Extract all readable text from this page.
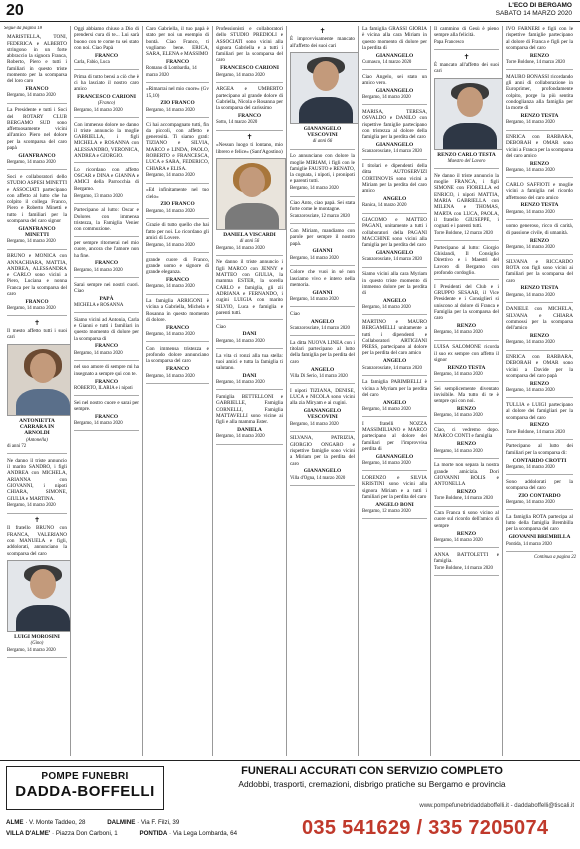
20	L'ECO DI BERGAMO
SABATO 14 MARZO 2020
Segue da pagina 18

MARISTELLA, TONI, FEDERICA e ALBERTO stringono in un forte abbraccio la signora Franca, Roberto, Piero e tutti i familiari in questo triste momento per la scomparsa del loro caro

FRANCO
Bergamo, 14 marzo 2020

La Presidente e tutti i Soci del ROTARY CLUB BERGAMO SUD sono affettuosamente vicini all'amico Piero nel dolore per la scomparsa del caro papà

GIANFRANCO
Bergamo, 14 marzo 2020

Soci e collaboratori dello STUDIO ASPESI MINETTI e ASSOCIATI partecipano con affetto al lutto che ha colpito il collega Franco, Piero e Roberto Minetti e tutto i familiari per la scomparsa del caro signor

GIANFRANCO MINETTI
Bergamo, 14 marzo 2020

BRUNO e MONICA con ANNACHIARA, MATTIA, ANDREA, ALESSANDRA e CARLO sono vicini a Piero, Luciana e nonna Franca per la scomparsa del caro

FRANCO
Bergamo, 14 marzo 2020
✝

Il mesto affetto tutti i suoi cari

ANTONIETTA CARRARA IN ARNOLDI
(Antonella)
di anni 72

Ne danno il triste annuncio il marito SANDRO, i figli ANDREA con MICHELA, ARIANNA con GIOVANNI, i nipoti CHIARA, SIMONE, GIULIA e MARTINA.

Bergamo, 14 marzo 2020
✝

Il fratello BRUNO con FRANCA, VALERIANO con MANUELA e figli, addolorati, annunciano la scomparsa del caro

LUIGI MOROSINI
(Gino)
Bergamo, 14 marzo 2020

Oggi abbiamo chiuso a Dio di prendersi cura di te... Lui sarà buono con te come tu sei stato con noi. Ciao Papà

FRANCO
Carla, Fabio, Luca

Prima di tutto bensì a ciò che è ci ha lasciato il nostro caro amico

FRANCESCO CARIONI
(Franco)
Bergamo, 14 marzo 2020

Con immenso dolore ne danno il triste annuncio la moglie GABRIELLA, i figli MICHELA e ROSANNA con ALESSANDRO, VERONICA, ANDREA e GIORGIO.

Lo ricordano con affetto OSCAR e DINA e GIANNA e AMICI della Parrocchia di Bergamo.

Bergamo, 13 marzo 2020

Partecipano al lutto: Oscar e Dolores con immensa tristezza, la Famiglia Venier con commozione.

per sempre ritornerai nel mio cuore, ancora che l'amore non ha fine.

FRANCO
Bergamo, 14 marzo 2020

Sarai sempre nei nostri cuori. Ciao

PAPÀ
MICHELA e ROSANNA

Siamo vicini ad Antonia, Carla e Gianni e tutti i familiari in questo momento di dolore per la scomparsa di

FRANCO
Bergamo, 14 marzo 2020

nel suo amore di sempre mi ha insegnato a sempre qui con te.

FRANCO
ROBERTO, ILARIA e i nipoti

Sei nel nostro cuore e sarai per sempre.

FRANCO
Bergamo, 14 marzo 2020

Caro Gabriella, il tuo papà è stato per noi un esempio di bontà. Ciao Franco, ti vogliamo bene. ERICA, SARA, ELENA e MASSIMO

FRANCO
Romano di Lombardia, 14 marzo 2020

«Rimarrai nel mio cuore» (Gv 15,10)

ZIO FRANCO
Bergamo, 14 marzo 2020

Ci hai accompagnato tutti, fin da piccoli, con affetto e generosità. Ti siamo grati: TIZIANO e SILVIA, MARCO e LINDA, PAOLO, ROBERTO e FRANCESCA, LUCA e SARA, FEDERICO, CHIARA e ELISA.

Bergamo, 14 marzo 2020

«Ed infinitamente nel tuo cielo»

ZIO FRANCO
Bergamo, 14 marzo 2020

Grazie di tutto quello che hai fatto per noi. Lo ricordano gli amici di Lovere.

Bergamo, 14 marzo 2020

grande cuore di Franco, grande uomo e signore di grande eleganza.

FRANCO
Bergamo, 14 marzo 2020

La famiglia ARRIGONI è vicina a Gabriella, Michela e Rosanna in questo momento di dolore.

FRANCO
Bergamo, 14 marzo 2020

Con immensa tristezza e profondo dolore annunciano la scomparsa del caro

FRANCO
Bergamo, 14 marzo 2020

Professionisti e collaboratori dello STUDIO PREDIOLI e ASSOCIATI sono vicini alla signora Gabriella e a tutti i familiari per la scomparsa del caro

FRANCESCO CARIONI
Bergamo, 14 marzo 2020

ARGEA e UMBERTO partecipano al grande dolore di Gabriella, Nicola e Rosanna per la scomparsa del carissimo

FRANCO
Sotto, 14 marzo 2020
✝

«Nessun luogo ti lontano, mio librero e felice» (Sant'Agostino)

DANIELA VISCARDI
di anni 56
Bergamo, 14 marzo 2020

Ne danno il triste annuncio i figli MARCO con JENNY e MATTEO con GIULIA, la mamma ESTER, la sorella CARLO e famiglia, gli zii ADRIANA e FERNANDO, i cugini LUIGIA con marito SILVIO, Luca e famiglia e parenti tutti.

Ciao

DANI
Bergamo, 14 marzo 2020

La vita ci ronzi alla tua stella: tuoi amici e tutta la famiglia ti salutano.

DANI
Bergamo, 14 marzo 2020

Famiglia BETTELLONI e GABRIELLE, Famiglia CORNELLI, Famiglia MATTAVELLI sono vicine ai figli e alla mamma Ester.

DANIELA
Bergamo, 14 marzo 2020
✝

È improvvisamente mancato all'affetto dei suoi cari

GIANANGELO VESCOVINI
di anni 66

Lo annunciano con dolore la moglie MIRIAM, i figli con le famiglie FAUSTO e RENATO, la cognata, i nipoti, i pronipoti e parenti tutti.

Bergamo, 14 marzo 2020

Ciao Anto, ciao papà. Sei stata forte come le montagne.

Scanzorosciate, 12 marzo 2020

Con Miriam, mandiamo con parole per sempre il nostro papà.

GIANNI
Bergamo, 14 marzo 2020

Colore che vuoi in sé non lasciamo vivo e intero nella memoria.

GIANNI
Bergamo, 14 marzo 2020

Ciao

ANGELO
Scanzorosciate, 14 marzo 2020

La ditta NUOVA LINEA con i titolari partecipano al lutto della famiglia per la perdita del caro

ANGELO
Villa Di Serio, 14 marzo 2020

I nipoti TIZIANA, DENISE, LUCA e NICOLA sono vicini alla zia Miryam e ai cugini.

GIANANGELO VESCOVINI
Bergamo, 14 marzo 2020

SILVANA, PATRIZIA, GIORGIO ONGARO e rispettive famiglie sono vicini a Miriam per la perdita del caro

GIANANGELO
Villa d'Ogna, 14 marzo 2020

La famiglia GRASSI GIORIA è vicina alla cara Miriam in questo momento di dolore per la perdita di

GIANANGELO
Curnasco, 14 marzo 2020

Ciao Angelo, sei stato un amico vero.

GIANANGELO
Bergamo, 14 marzo 2020

MARISA, TERESA, OSVALDO e DANILO con rispettive famiglie partecipano con tristezza al dolore della famiglia per la perdita del caro

GIANANGELO
Scanzorosciate, 14 marzo 2020

I titolari e dipendenti della ditta AUTOSERVIZI CORTINOVIS sono vicini a Miriam per la perdita del caro amico

ANGELO
Ranica, 14 marzo 2020

GIACOMO e MATTEO PAGANI, unitamente a tutti i collaboratori della PAGANI MACCHINE sono vicini alla famiglia per la perdita del caro

GIANANGELO
Scanzorosciate, 14 marzo 2020

Siamo vicini alla cara Myriam in questo triste momento di immenso dolore per la perdita di

ANGELO
Bergamo, 14 marzo 2020

MARTINO e MAURO BERGAMELLI unitamente a tutti i dipendenti e Collaboratori ARTIGIANI PRESS, partecipano al dolore per la perdita del caro amico

ANGELO
Scanzorosciate, 14 marzo 2020

La famiglia PARIMBELLI è vicina a Myriam per la perdita del caro

ANGELO
Bergamo, 14 marzo 2020

I fratelli NOZZA MASSIMILIANO e MARCO partecipano al dolore dei familiari per l'improvvisa perdita di

GIANANGELO
Bergamo, 14 marzo 2020

LORENZO e SILVIA KRISTINI sono vicini alla signora Miriam e a tutti i familiari per la perdita del caro

ANGELO BONI
Bergamo, 12 marzo 2020

Il cammino di Gesù è pieno sempre alla felicità.

Papa Francesco
✝

È mancato all'affetto dei suoi cari

RENZO CARLO TESTA
Maestro del Lavoro

Ne danno il triste annuncio la moglie FRANCA, i figli SIMONE con FIORELLA ed ENRICO, i nipoti MATTIA, MARIA GABRIELLA con MILENA e THOMAS, MARTA con LUCA, PAOLA, il fratello GIUSEPPE, i cognati e i parenti tutti.

Torre Boldone, 12 marzo 2020

Partecipano al lutto: Giorgio Ghislandi, Il Consiglio Direttivo e i Maestri del Lavoro di Bergamo con profondo cordoglio.

I Presidenti del Club e i GRUPPO SESAAB, il Vice Presidente e i Consiglieri si uniscono al dolore di Franca e Famiglia per la scomparsa del caro

RENZO
Bergamo, 14 marzo 2020

LUISA SALOMONE ricorda il suo ex sempre con affetto il signor

RENZO TESTA
Bergamo, 14 marzo 2020

Sei semplicemente diventato invisibile. Ma tutto di te è sempre qui con noi.

RENZO
Bergamo, 14 marzo 2020

Ciao, ci vedremo dopo. MARCO CONTI e famiglia

RENZO
Bergamo, 14 marzo 2020

La morte non separa la nostra grande amicizia. Dori GIOVANNI BOLIS e ANTONELLA

RENZO
Torre Boldone, 14 marzo 2020

Cara Franca ti sono vicino al cuore sul ricordo dell'amico di sempre

RENZO
Bergamo, 14 marzo 2020

ANNA BATTOLETTI e famiglia.

Torre Boldone, 14 marzo 2020

IVO FARNERI e figli con le rispettive famiglie partecipano al dolore di Franca e figli per la scomparsa del caro

RENZO
Torre Boldone, 14 marzo 2020

MAURO BONASSI ricordando gli anni di collaborazione in Europrimer, profondamente colpito, porge la più sentita condoglianza alla famiglia per la morte di

RENZO TESTA
Bergamo, 14 marzo 2020

ENRICA con BARBARA, DEBORAH e OMAR sono vicini a Franca per la scomparsa del caro amico

RENZO
Bergamo, 14 marzo 2020

CARLO SAFFIOTI e moglie vicini a famiglia nel ricordo affettuoso del caro amico

RENZO TESTA
Bergamo, 14 marzo 2020

uomo generoso, ricco di carità, di passione civile, di umanità.

RENZO
Bergamo, 14 marzo 2020

SILVANA e RICCARDO ROTA con figli sono vicini ai familiari per la scomparsa del caro

RENZO TESTA
Bergamo, 14 marzo 2020

DANIELE con MICHELA, SILVANA e CHIARA commossi per la scomparsa dell'amico

RENZO
Bergamo, 14 marzo 2020

ENRICA con BARBARA, DEBORAH e OMAR sono vicini a Davide per la scomparsa del caro papà

RENZO
Bergamo, 14 marzo 2020

TULLIA e LUIGI partecipano al dolore dei famigliari per la scomparsa del caro

RENZO
Torre Boldone, 14 marzo 2020

Partecipano al lutto dei familiari per la scomparsa di:

CONTARDO CROTTI
Bergamo, 14 marzo 2020

Sono addolorati per la scomparsa del caro

ZIO CONTARDO
Bergamo, 14 marzo 2020

La famiglia ROTA partecipa al lutto della famiglia Brembilla per la scomparsa del caro

GIOVANNI BREMBILLA
Pontida, 14 marzo 2020
Continua a pagina 22
POMPE FUNEBRI
DADDA-BOFFELLI
FUNERALI ACCURATI CON SERVIZIO COMPLETO
Addobbi, trasporti, cremazioni, disbrigo pratiche su Bergamo e provincia
www.pompefunebridaddaboffelli.it - daddaboffelli@tiscali.it
ALME · V. Monte Taddeo, 28	DALMINE · Via F. Filzi, 39
VILLA D'ALME' · Piazza Don Carboni, 1	PONTIDA · Via Lega Lombarda, 64	035 541629 / 335 7205074
